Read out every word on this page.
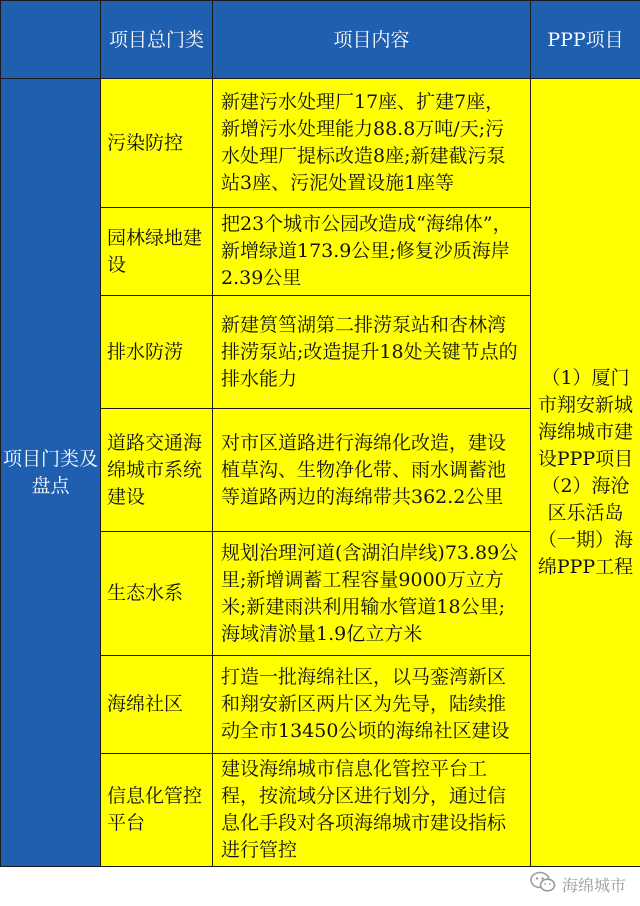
	项目总门类	项目内容	PPP项目
项目门类及盘点	污染防控	新建污水处理厂17座、扩建7座，新增污水处理能力88.8万吨/天;污水处理厂提标改造8座;新建截污泵站3座、污泥处置设施1座等	（1）厦门市翔安新城海绵城市建设PPP项目（2）海沧区乐活岛（一期）海绵PPP工程
	园林绿地建设	把23个城市公园改造成“海绵体”，新增绿道173.9公里;修复沙质海岸2.39公里	
	排水防涝	新建筼筜湖第二排涝泵站和杏林湾排涝泵站;改造提升18处关键节点的排水能力	
	道路交通海绵城市系统建设	对市区道路进行海绵化改造，建设植草沟、生物净化带、雨水调蓄池等道路两边的海绵带共362.2公里	
	生态水系	规划治理河道(含湖泊岸线)73.89公里;新增调蓄工程容量9000万立方米;新建雨洪利用输水管道18公里;海域清淤量1.9亿立方米	
	海绵社区	打造一批海绵社区，以马銮湾新区和翔安新区两片区为先导，陆续推动全市13450公顷的海绵社区建设	
	信息化管控平台	建设海绵城市信息化管控平台工程，按流域分区进行划分，通过信息化手段对各项海绵城市建设指标进行管控	
海绵城市
